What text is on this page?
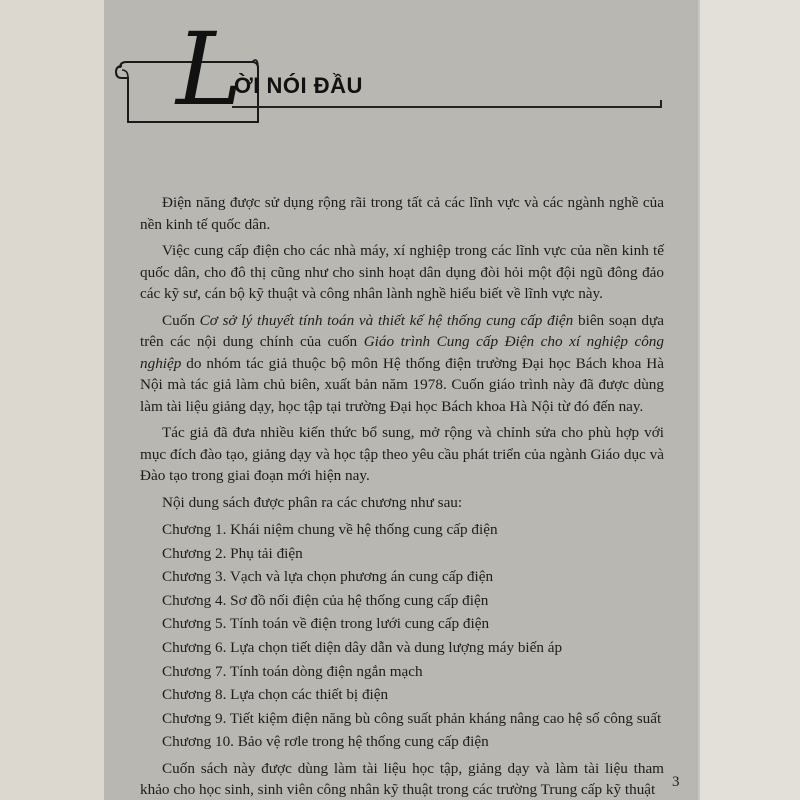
L
ỜI NÓI ĐẦU

Điện năng được sử dụng rộng rãi trong tất cả các lĩnh vực và các ngành nghề của nền kinh tế quốc dân.

Việc cung cấp điện cho các nhà máy, xí nghiệp trong các lĩnh vực của nền kinh tế quốc dân, cho đô thị cũng như cho sinh hoạt dân dụng đòi hỏi một đội ngũ đông đảo các kỹ sư, cán bộ kỹ thuật và công nhân lành nghề hiểu biết về lĩnh vực này.

Cuốn Cơ sở lý thuyết tính toán và thiết kế hệ thống cung cấp điện biên soạn dựa trên các nội dung chính của cuốn Giáo trình Cung cấp Điện cho xí nghiệp công nghiệp do nhóm tác giả thuộc bộ môn Hệ thống điện trường Đại học Bách khoa Hà Nội mà tác giả làm chủ biên, xuất bản năm 1978. Cuốn giáo trình này đã được dùng làm tài liệu giảng dạy, học tập tại trường Đại học Bách khoa Hà Nội từ đó đến nay.

Tác giả đã đưa nhiều kiến thức bổ sung, mở rộng và chỉnh sửa cho phù hợp với mục đích đào tạo, giảng dạy và học tập theo yêu cầu phát triển của ngành Giáo dục và Đào tạo trong giai đoạn mới hiện nay.

Nội dung sách được phân ra các chương như sau:

Chương 1. Khái niệm chung về hệ thống cung cấp điện
Chương 2. Phụ tải điện
Chương 3. Vạch và lựa chọn phương án cung cấp điện
Chương 4. Sơ đồ nối điện của hệ thống cung cấp điện
Chương 5. Tính toán về điện trong lưới cung cấp điện
Chương 6. Lựa chọn tiết diện dây dẫn và dung lượng máy biến áp
Chương 7. Tính toán dòng điện ngắn mạch
Chương 8. Lựa chọn các thiết bị điện
Chương 9. Tiết kiệm điện năng bù công suất phản kháng nâng cao hệ số công suất
Chương 10. Bảo vệ rơle trong hệ thống cung cấp điện

Cuốn sách này được dùng làm tài liệu học tập, giảng dạy và làm tài liệu tham khảo cho học sinh, sinh viên công nhân kỹ thuật trong các trường Trung cấp kỹ thuật	3
